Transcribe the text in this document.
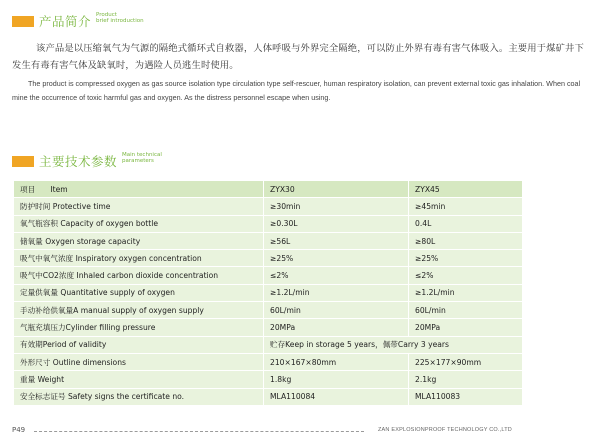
产品简介 Product
brief introduction
该产品是以压缩氧气为气源的隔绝式循环式自救器，人体呼吸与外界完全隔绝，可以防止外界有毒有害气体吸入。主要用于煤矿井下发生有毒有害气体及缺氧时，为遇险人员逃生时使用。
The product is compressed oxygen as gas source isolation type circulation type self-rescuer, human respiratory isolation, can prevent external toxic gas inhalation. When coal mine the occurrence of toxic harmful gas and oxygen. As the distress personnel escape when using.
主要技术参数 Main technical
parameters
项目　　Item	ZYX30	ZYX45
防护时间 Protective time	≥30min	≥45min
氧气瓶容积 Capacity of oxygen bottle	≥0.30L	0.4L
储氧量 Oxygen storage capacity	≥56L	≥80L
吸气中氧气浓度 Inspiratory oxygen concentration	≥25%	≥25%
吸气中CO2浓度 Inhaled carbon dioxide concentration	≤2%	≤2%
定量供氧量 Quantitative supply of oxygen	≥1.2L/min	≥1.2L/min
手动补给供氧量A manual supply of oxygen supply	60L/min	60L/min
气瓶充填压力Cylinder filling pressure	20MPa	20MPa
有效期Period of validity	贮存Keep in storage 5 years，佩带Carry 3 years	
外形尺寸 Outline dimensions	210×167×80mm	225×177×90mm
重量 Weight	1.8kg	2.1kg
安全标志证号 Safety signs the certificate no.	MLA110084	MLA110083
P49	ZAN EXPLOSIONPROOF TECHNOLOGY CO.,LTD
